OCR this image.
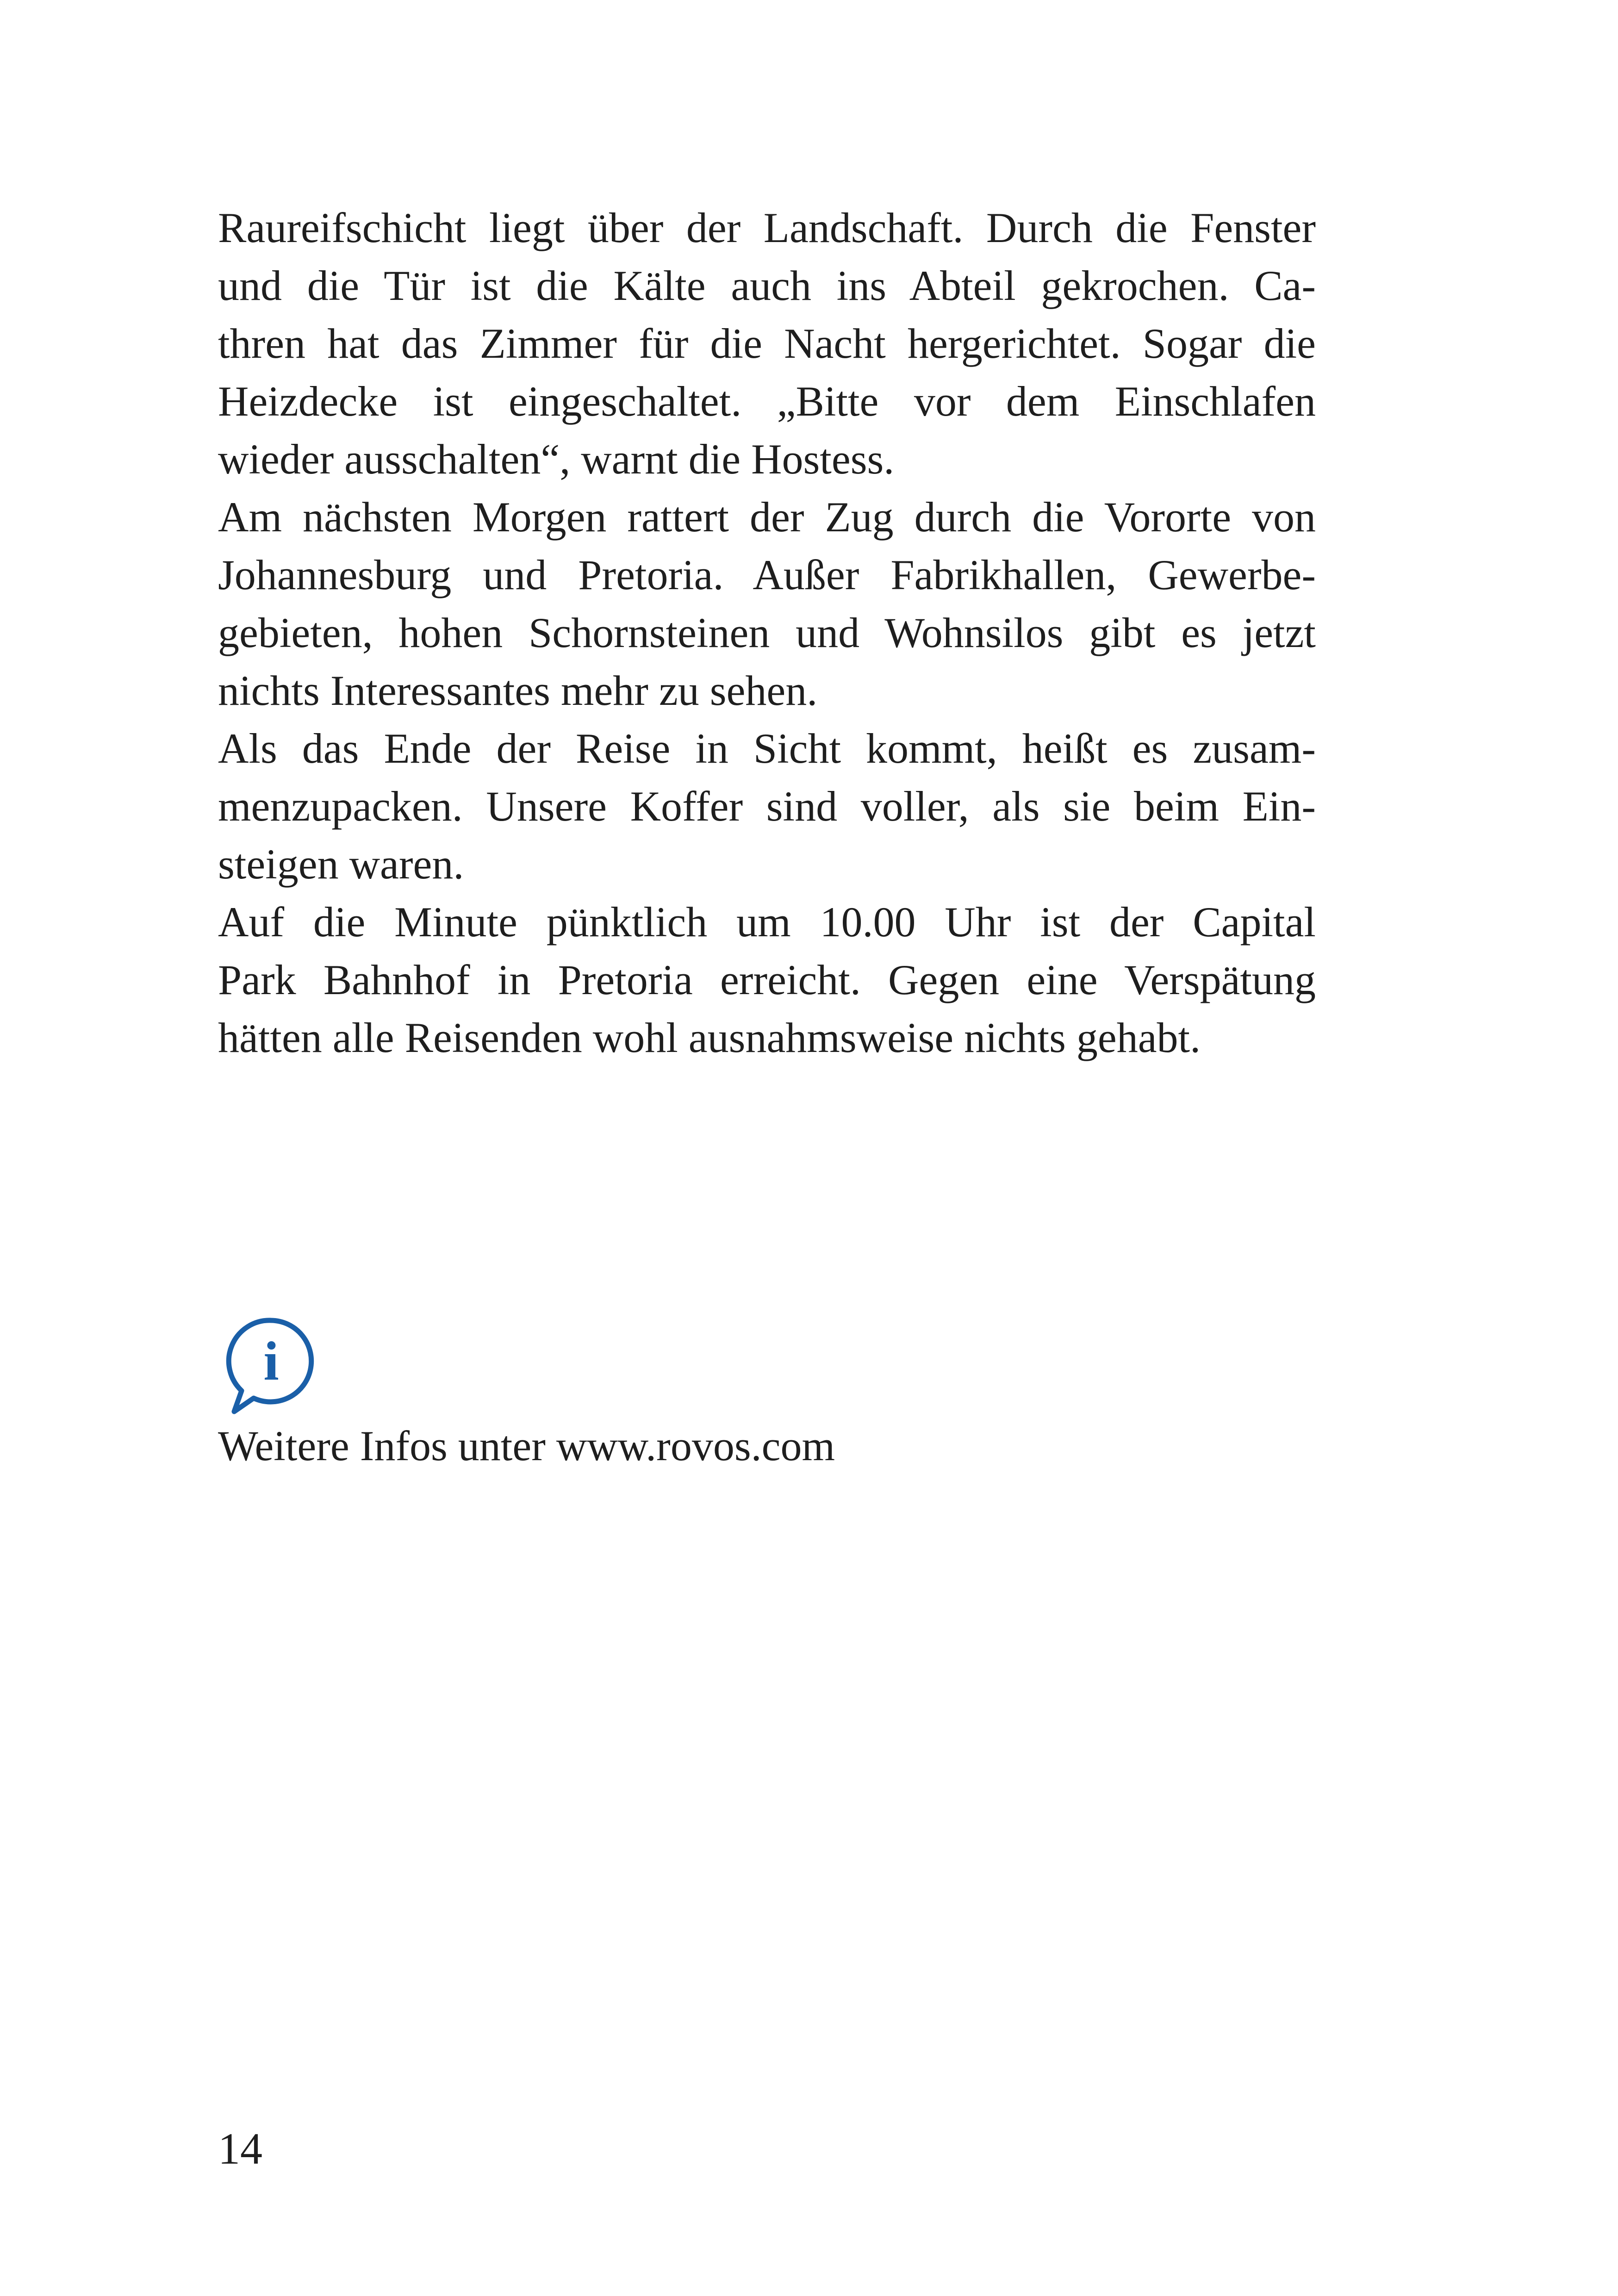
Raureifschicht liegt über der Landschaft. Durch die Fenster
und die Tür ist die Kälte auch ins Abteil gekrochen. Ca-
thren hat das Zimmer für die Nacht hergerichtet. Sogar die
Heizdecke ist eingeschaltet. „Bitte vor dem Einschlafen
wieder ausschalten“, warnt die Hostess.
Am nächsten Morgen rattert der Zug durch die Vororte von
Johannesburg und Pretoria. Außer Fabrikhallen, Gewerbe-
gebieten, hohen Schornsteinen und Wohnsilos gibt es jetzt
nichts Interessantes mehr zu sehen.
Als das Ende der Reise in Sicht kommt, heißt es zusam-
menzupacken. Unsere Koffer sind voller, als sie beim Ein-
steigen waren.
Auf die Minute pünktlich um 10.00 Uhr ist der Capital
Park Bahnhof in Pretoria erreicht. Gegen eine Verspätung
hätten alle Reisenden wohl ausnahmsweise nichts gehabt.
i
Weitere Infos unter www.rovos.com
14
